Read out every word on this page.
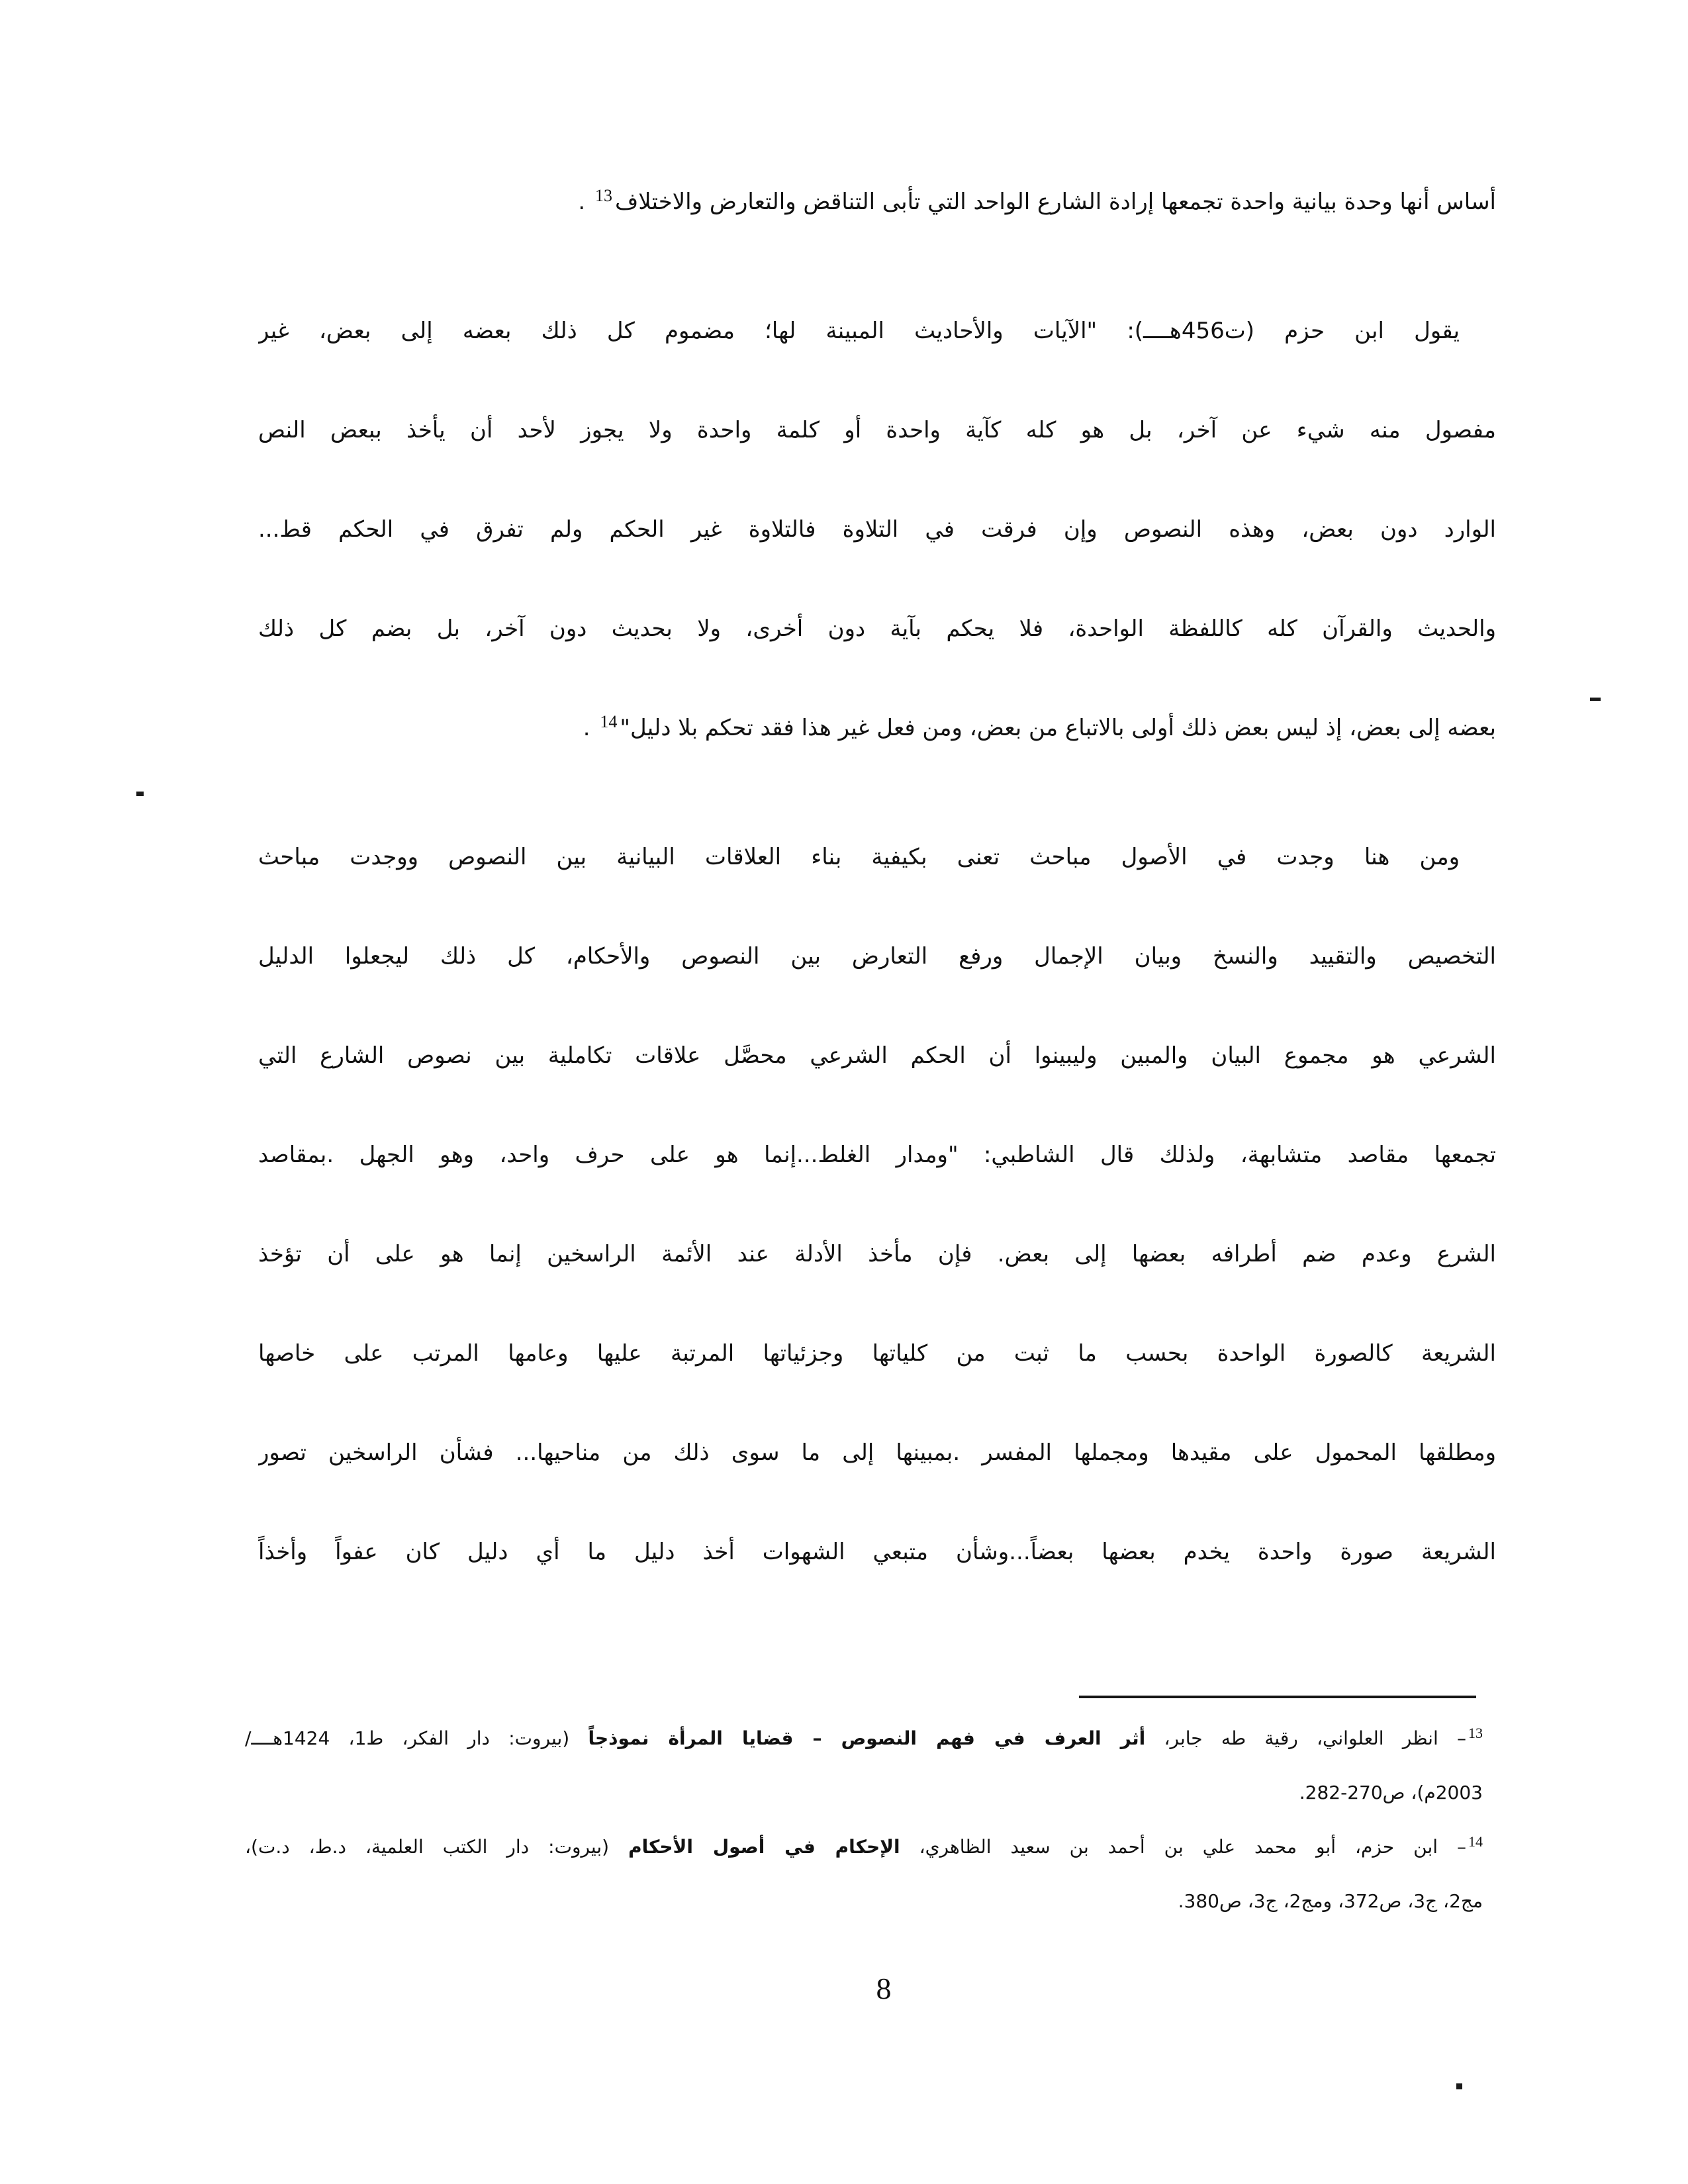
أساس أنها وحدة بيانية واحدة تجمعها إرادة الشارع الواحد التي تأبى التناقض والتعارض والاختلاف$^{13}$ .
يقول ابن حزم (ت456هــــ): "الآيات والأحاديث المبينة لها؛ مضموم كل ذلك بعضه إلى بعض، غير
مفصول منه شيء عن آخر، بل هو كله كآية واحدة أو كلمة واحدة ولا يجوز لأحد أن يأخذ ببعض النص
الوارد دون بعض، وهذه النصوص وإن فرقت في التلاوة فالتلاوة غير الحكم ولم تفرق في الحكم قط...
والحديث والقرآن كله كاللفظة الواحدة، فلا يحكم بآية دون أخرى، ولا بحديث دون آخر، بل بضم كل ذلك
بعضه إلى بعض، إذ ليس بعض ذلك أولى بالاتباع من بعض، ومن فعل غير هذا فقد تحكم بلا دليل"$^{14}$ .
ومن هنا وجدت في الأصول مباحث تعنى بكيفية بناء العلاقات البيانية بين النصوص ووجدت مباحث
التخصيص والتقييد والنسخ وبيان الإجمال ورفع التعارض بين النصوص والأحكام، كل ذلك ليجعلوا الدليل
الشرعي هو مجموع البيان والمبين وليبينوا أن الحكم الشرعي محصَّل علاقات تكاملية بين نصوص الشارع التي
تجمعها مقاصد متشابهة، ولذلك قال الشاطبي: "ومدار الغلط...إنما هو على حرف واحد، وهو الجهل .بمقاصد
الشرع وعدم ضم أطرافه بعضها إلى بعض. فإن مأخذ الأدلة عند الأئمة الراسخين إنما هو على أن تؤخذ
الشريعة كالصورة الواحدة بحسب ما ثبت من كلياتها وجزئياتها المرتبة عليها وعامها المرتب على خاصها
ومطلقها المحمول على مقيدها ومجملها المفسر .بمبينها إلى ما سوى ذلك من مناحيها... فشأن الراسخين تصور
الشريعة صورة واحدة يخدم بعضها بعضاً...وشأن متبعي الشهوات أخذ دليل ما أي دليل كان عفواً وأخذاً
$^{13}$– انظر العلواني، رقية طه جابر، أثر العرف في فهم النصوص – قضايا المرأة نموذجاً (بيروت: دار الفكر، ط1، 1424هــــ/
2003م)، ص270-282.
$^{14}$– ابن حزم، أبو محمد علي بن أحمد بن سعيد الظاهري، الإحكام في أصول الأحكام (بيروت: دار الكتب العلمية، د.ط، د.ت)،
مج2، ج3، ص372، ومج2، ج3، ص380.
8
